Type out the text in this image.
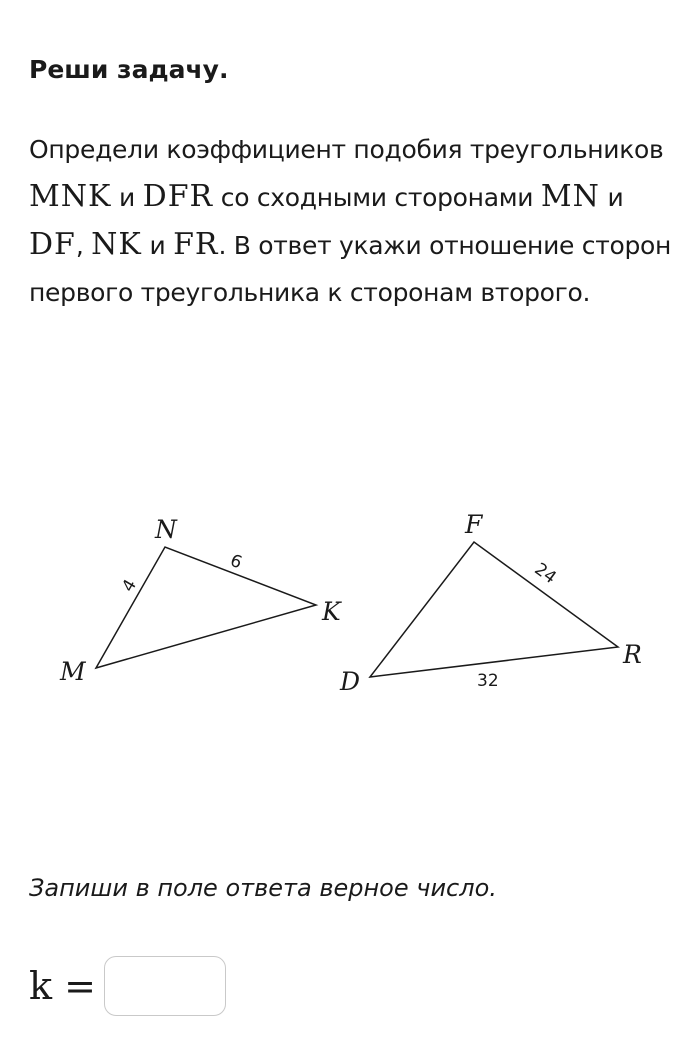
Реши задачу.

Определи коэффициент подобия треугольников MNK и DFR со сходными сторонами MN и DF, NK и FR. В ответ укажи отношение сторон первого треугольника к сторонам второго.

M
N
K
4
6
D
F
R
24
32

Запиши в поле ответа верное число.

k =
